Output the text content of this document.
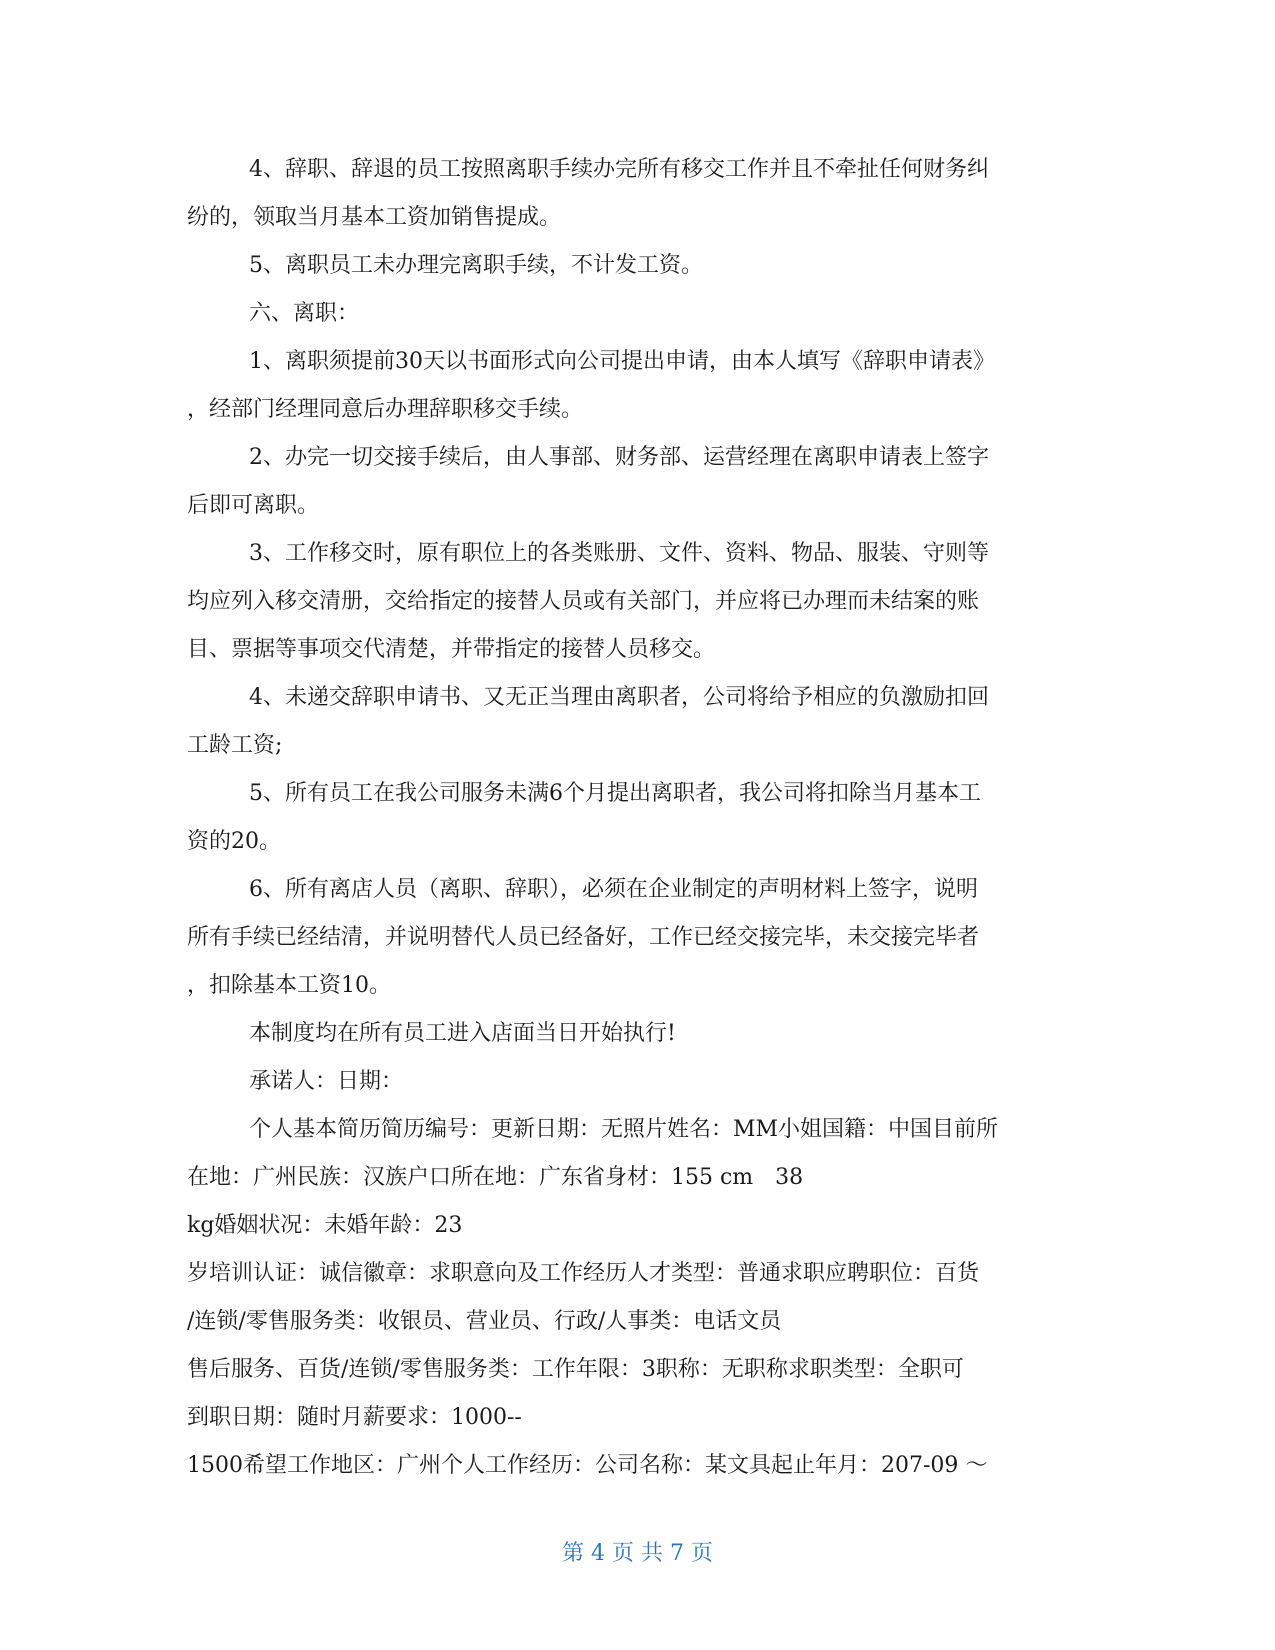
4、辞职、辞退的员工按照离职手续办完所有移交工作并且不牵扯任何财务纠
纷的，领取当月基本工资加销售提成。
5、离职员工未办理完离职手续，不计发工资。
六、离职：
1、离职须提前30天以书面形式向公司提出申请，由本人填写《辞职申请表》
，经部门经理同意后办理辞职移交手续。
2、办完一切交接手续后，由人事部、财务部、运营经理在离职申请表上签字
后即可离职。
3、工作移交时，原有职位上的各类账册、文件、资料、物品、服装、守则等
均应列入移交清册，交给指定的接替人员或有关部门，并应将已办理而未结案的账
目、票据等事项交代清楚，并带指定的接替人员移交。
4、未递交辞职申请书、又无正当理由离职者，公司将给予相应的负激励扣回
工龄工资;
5、所有员工在我公司服务未满6个月提出离职者，我公司将扣除当月基本工
资的20。
6、所有离店人员（离职、辞职），必须在企业制定的声明材料上签字，说明
所有手续已经结清，并说明替代人员已经备好，工作已经交接完毕，未交接完毕者
，扣除基本工资10。
本制度均在所有员工进入店面当日开始执行!
承诺人：日期：
个人基本简历简历编号：更新日期：无照片姓名：MM小姐国籍：中国目前所
在地：广州民族：汉族户口所在地：广东省身材：155 cm　38
kg婚姻状况：未婚年龄：23
岁培训认证：诚信徽章：求职意向及工作经历人才类型：普通求职应聘职位：百货
/连锁/零售服务类：收银员、营业员、行政/人事类：电话文员
售后服务、百货/连锁/零售服务类：工作年限：3职称：无职称求职类型：全职可
到职日期：随时月薪要求：1000--
1500希望工作地区：广州个人工作经历：公司名称：某文具起止年月：207-09 ～
第 4 页 共 7 页
